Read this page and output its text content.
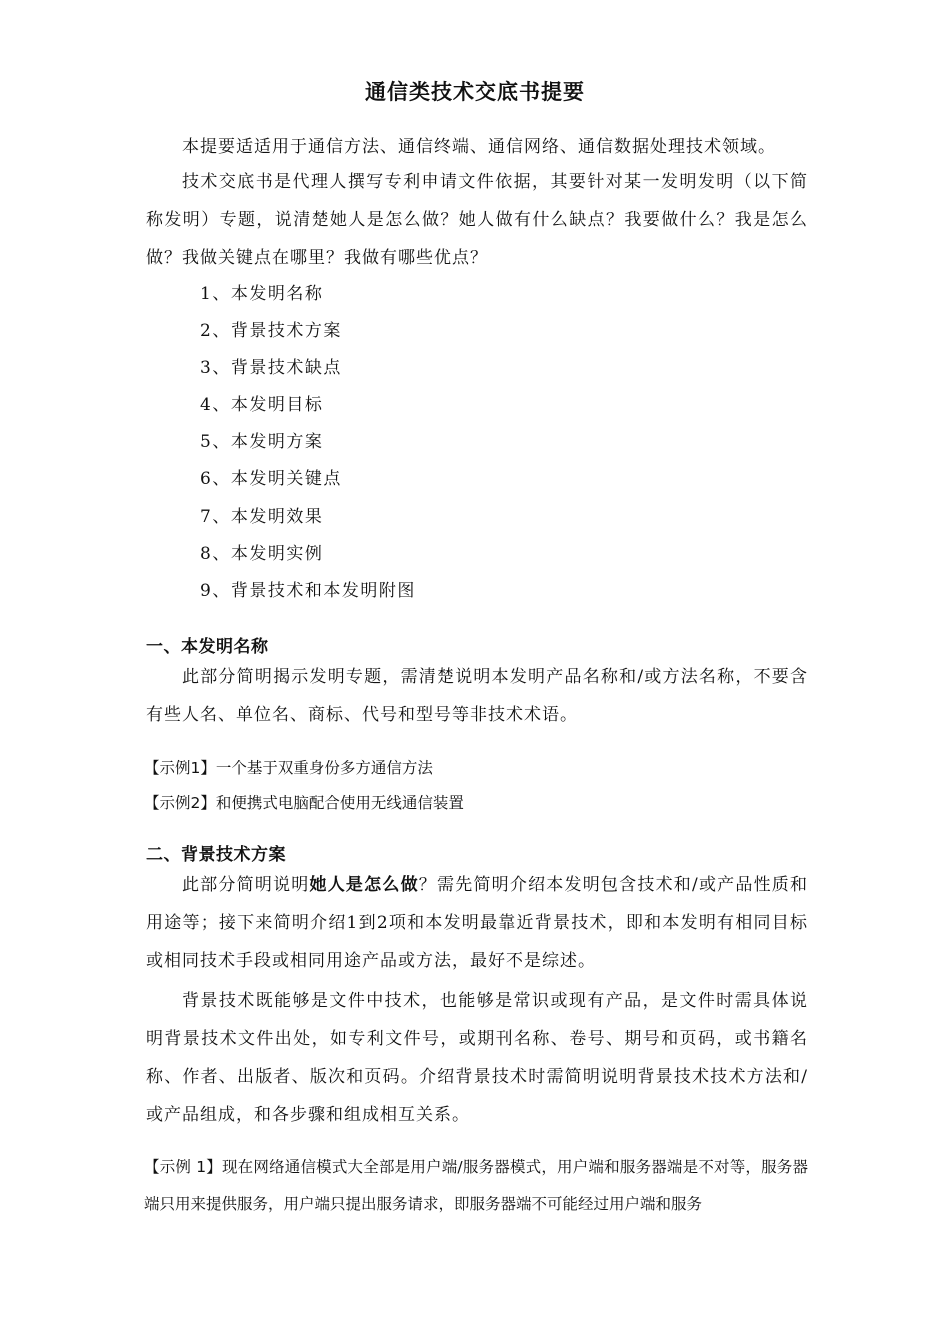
通信类技术交底书提要
本提要适适用于通信方法、通信终端、通信网络、通信数据处理技术领域。
技术交底书是代理人撰写专利申请文件依据，其要针对某一发明发明（以下简称发明）专题，说清楚她人是怎么做？她人做有什么缺点？我要做什么？我是怎么做？我做关键点在哪里？我做有哪些优点？
1、本发明名称
2、背景技术方案
3、背景技术缺点
4、本发明目标
5、本发明方案
6、本发明关键点
7、本发明效果
8、本发明实例
9、背景技术和本发明附图
一、本发明名称
此部分简明揭示发明专题，需清楚说明本发明产品名称和/或方法名称，不要含有些人名、单位名、商标、代号和型号等非技术术语。
【示例1】一个基于双重身份多方通信方法
【示例2】和便携式电脑配合使用无线通信装置
二、背景技术方案
此部分简明说明她人是怎么做？需先简明介绍本发明包含技术和/或产品性质和用途等；接下来简明介绍1到2项和本发明最靠近背景技术，即和本发明有相同目标或相同技术手段或相同用途产品或方法，最好不是综述。
背景技术既能够是文件中技术，也能够是常识或现有产品，是文件时需具体说明背景技术文件出处，如专利文件号，或期刊名称、卷号、期号和页码，或书籍名称、作者、出版者、版次和页码。介绍背景技术时需简明说明背景技术技术方法和/或产品组成，和各步骤和组成相互关系。
【示例 1】现在网络通信模式大全部是用户端/服务器模式，用户端和服务器端是不对等，服务器端只用来提供服务，用户端只提出服务请求，即服务器端不可能经过用户端和服务
